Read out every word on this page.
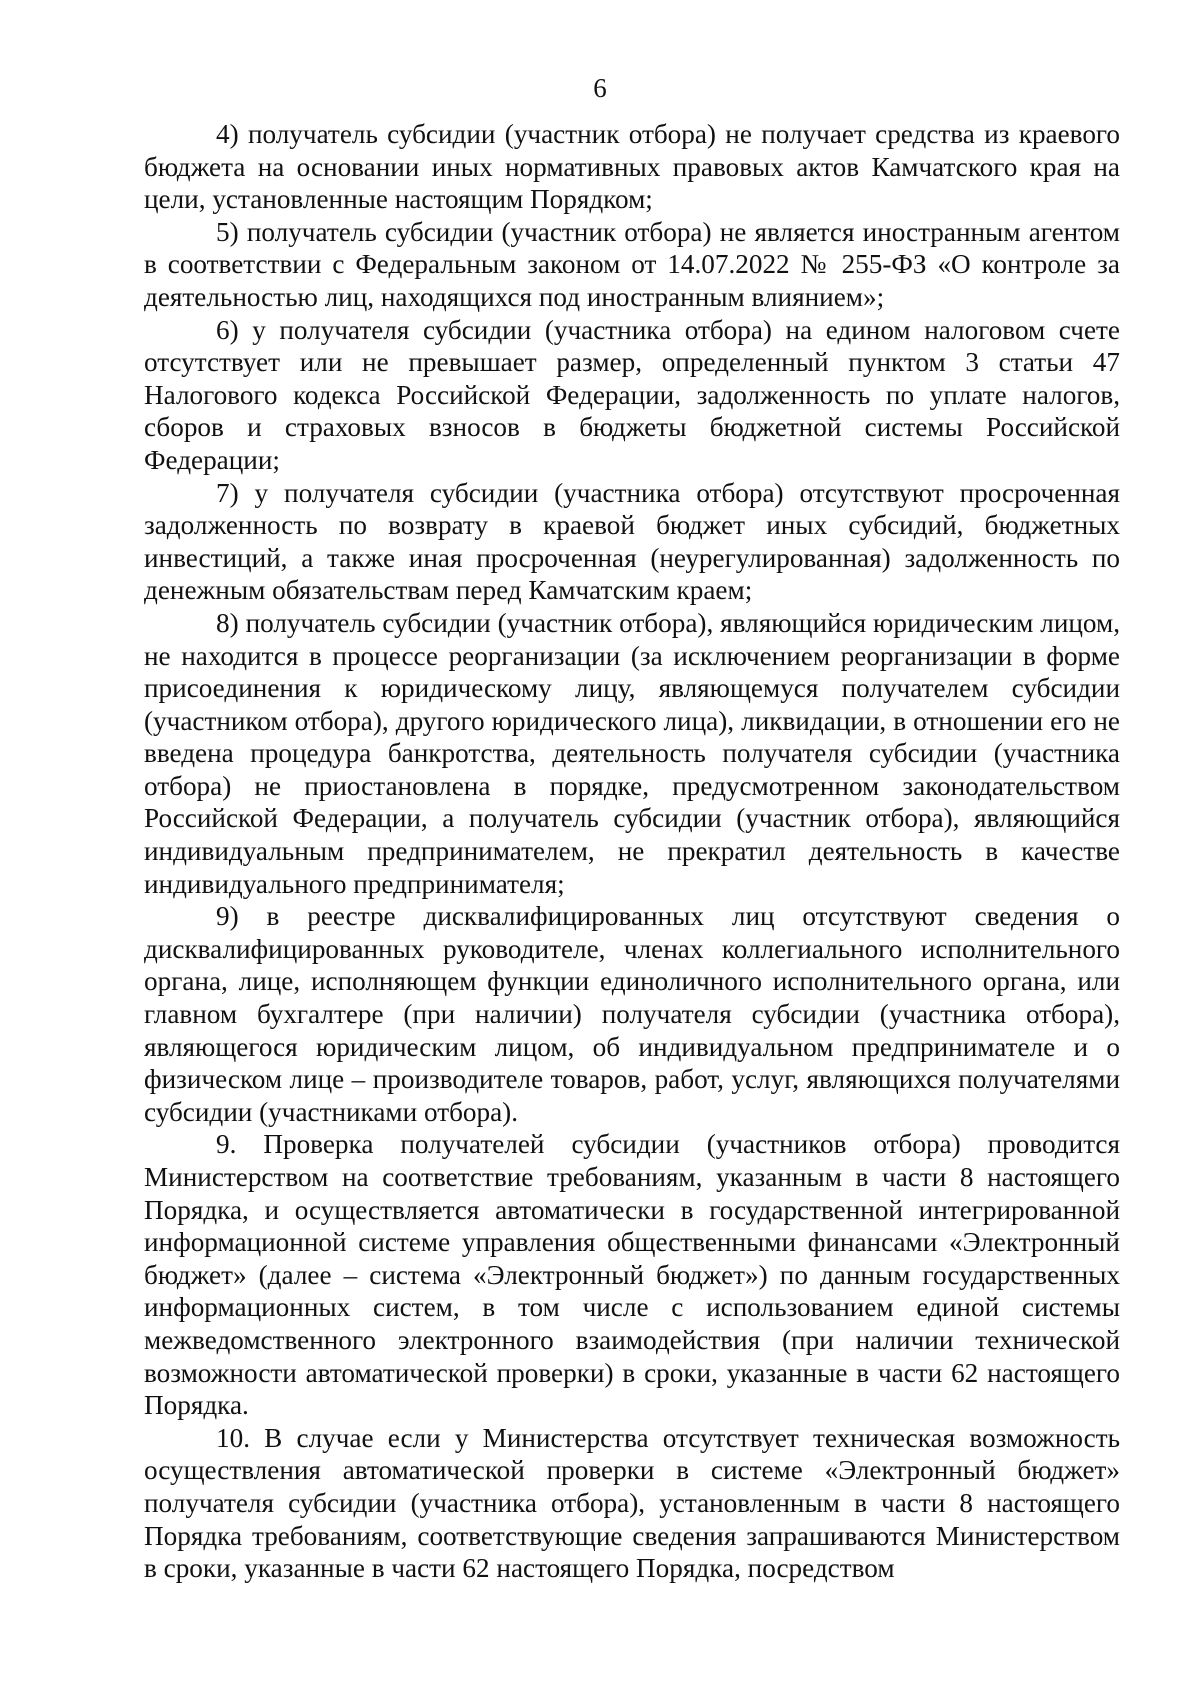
6

4) получатель субсидии (участник отбора) не получает средства из краевого бюджета на основании иных нормативных правовых актов Камчатского края на цели, установленные настоящим Порядком;

5) получатель субсидии (участник отбора) не является иностранным агентом в соответствии с Федеральным законом от 14.07.2022 № 255-ФЗ «О контроле за деятельностью лиц, находящихся под иностранным влиянием»;

6) у получателя субсидии (участника отбора) на едином налоговом счете отсутствует или не превышает размер, определенный пунктом 3 статьи 47 Налогового кодекса Российской Федерации, задолженность по уплате налогов, сборов и страховых взносов в бюджеты бюджетной системы Российской Федерации;

7) у получателя субсидии (участника отбора) отсутствуют просроченная задолженность по возврату в краевой бюджет иных субсидий, бюджетных инвестиций, а также иная просроченная (неурегулированная) задолженность по денежным обязательствам перед Камчатским краем;

8) получатель субсидии (участник отбора), являющийся юридическим лицом, не находится в процессе реорганизации (за исключением реорганизации в форме присоединения к юридическому лицу, являющемуся получателем субсидии (участником отбора), другого юридического лица), ликвидации, в отношении его не введена процедура банкротства, деятельность получателя субсидии (участника отбора) не приостановлена в порядке, предусмотренном законодательством Российской Федерации, а получатель субсидии (участник отбора), являющийся индивидуальным предпринимателем, не прекратил деятельность в качестве индивидуального предпринимателя;

9) в реестре дисквалифицированных лиц отсутствуют сведения о дисквалифицированных руководителе, членах коллегиального исполнительного органа, лице, исполняющем функции единоличного исполнительного органа, или главном бухгалтере (при наличии) получателя субсидии (участника отбора), являющегося юридическим лицом, об индивидуальном предпринимателе и о физическом лице – производителе товаров, работ, услуг, являющихся получателями субсидии (участниками отбора).

9. Проверка получателей субсидии (участников отбора) проводится Министерством на соответствие требованиям, указанным в части 8 настоящего Порядка, и осуществляется автоматически в государственной интегрированной информационной системе управления общественными финансами «Электронный бюджет» (далее – система «Электронный бюджет») по данным государственных информационных систем, в том числе с использованием единой системы межведомственного электронного взаимодействия (при наличии технической возможности автоматической проверки) в сроки, указанные в части 62 настоящего Порядка.

10. В случае если у Министерства отсутствует техническая возможность осуществления автоматической проверки в системе «Электронный бюджет» получателя субсидии (участника отбора), установленным в части 8 настоящего Порядка требованиям, соответствующие сведения запрашиваются Министерством в сроки, указанные в части 62 настоящего Порядка, посредством
